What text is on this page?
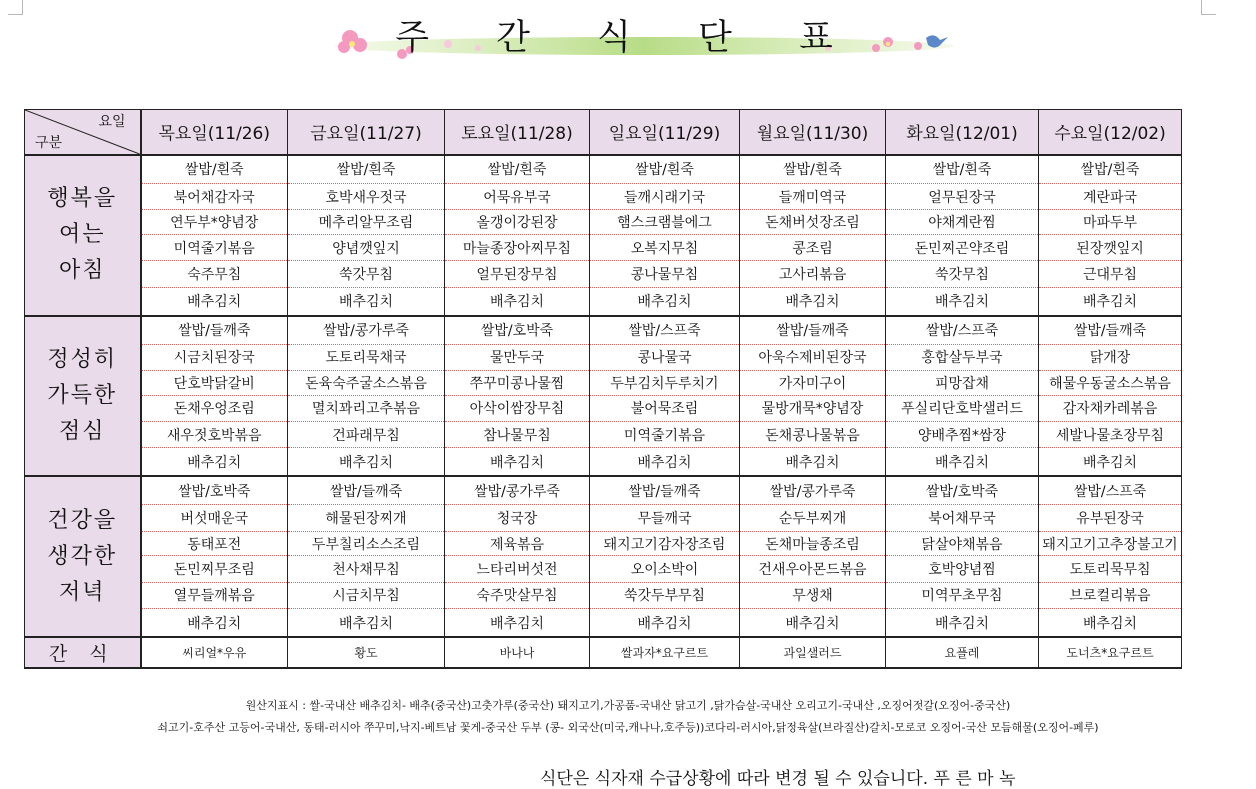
주 간 식 단 표
요일
구분	목요일(11/26)	금요일(11/27)	토요일(11/28)	일요일(11/29)	월요일(11/30)	화요일(12/01)	수요일(12/02)

행복을
여는
아침	쌀밥/흰죽	쌀밥/흰죽	쌀밥/흰죽	쌀밥/흰죽	쌀밥/흰죽	쌀밥/흰죽	쌀밥/흰죽
	북어채감자국	호박새우젓국	어묵유부국	들깨시래기국	들깨미역국	얼무된장국	계란파국
	연두부*양념장	메추리알무조림	올갱이강된장	햄스크램블에그	돈채버섯장조림	야채계란찜	마파두부
	미역줄기볶음	양념깻잎지	마늘종장아찌무침	오복지무침	콩조림	돈민찌곤약조림	된장깻잎지
	숙주무침	쑥갓무침	얼무된장무침	콩나물무침	고사리볶음	쑥갓무침	근대무침
	배추김치	배추김치	배추김치	배추김치	배추김치	배추김치	배추김치

정성히
가득한
점심	쌀밥/들깨죽	쌀밥/콩가루죽	쌀밥/호박죽	쌀밥/스프죽	쌀밥/들깨죽	쌀밥/스프죽	쌀밥/들깨죽
	시금치된장국	도토리묵채국	물만두국	콩나물국	아욱수제비된장국	홍합살두부국	닭개장
	단호박닭갈비	돈육숙주굴소스볶음	쭈꾸미콩나물찜	두부김치두루치기	가자미구이	피망잡채	해물우동굴소스볶음
	돈채우엉조림	멸치꽈리고추볶음	아삭이쌈장무침	불어묵조림	물방개묵*양념장	푸실리단호박샐러드	감자채카레볶음
	새우젓호박볶음	건파래무침	참나물무침	미역줄기볶음	돈채콩나물볶음	양배추찜*쌈장	세발나물초장무침
	배추김치	배추김치	배추김치	배추김치	배추김치	배추김치	배추김치

건강을
생각한
저녁	쌀밥/호박죽	쌀밥/들깨죽	쌀밥/콩가루죽	쌀밥/들깨죽	쌀밥/콩가루죽	쌀밥/호박죽	쌀밥/스프죽
	버섯매운국	해물된장찌개	청국장	무들깨국	순두부찌개	북어채무국	유부된장국
	동태포전	두부칠리소스조림	제육볶음	돼지고기감자장조림	돈채마늘종조림	닭살야채볶음	돼지고기고추장불고기
	돈민찌무조림	천사채무침	느타리버섯전	오이소박이	건새우아몬드볶음	호박양념찜	도토리묵무침
	열무들깨볶음	시금치무침	숙주맛살무침	쑥갓두부무침	무생채	미역무초무침	브로컬리볶음
	배추김치	배추김치	배추김치	배추김치	배추김치	배추김치	배추김치
간 식	씨리얼*우유	황도	바나나	쌀과자*요구르트	과일샐러드	요플레	도너츠*요구르트
원산지표시 : 쌀-국내산 배추김치- 배추(중국산)고춧가루(중국산) 돼지고기,가공품-국내산 닭고기 ,닭가슴살-국내산 오리고기-국내산 ,오징어젓갈(오징어-중국산)
쇠고기-호주산 고등어-국내산, 동태-러시아 쭈꾸미,낙지-베트남 꽃게-중국산 두부 (콩- 외국산(미국,캐나나,호주등))코다리-러시아,닭정육살(브라질산)갈치-모로코 오징어-국산 모듬해물(오징어-페루)
식단은 식자재 수급상황에 따라 변경 될 수 있습니다. 푸 른 마 녹
